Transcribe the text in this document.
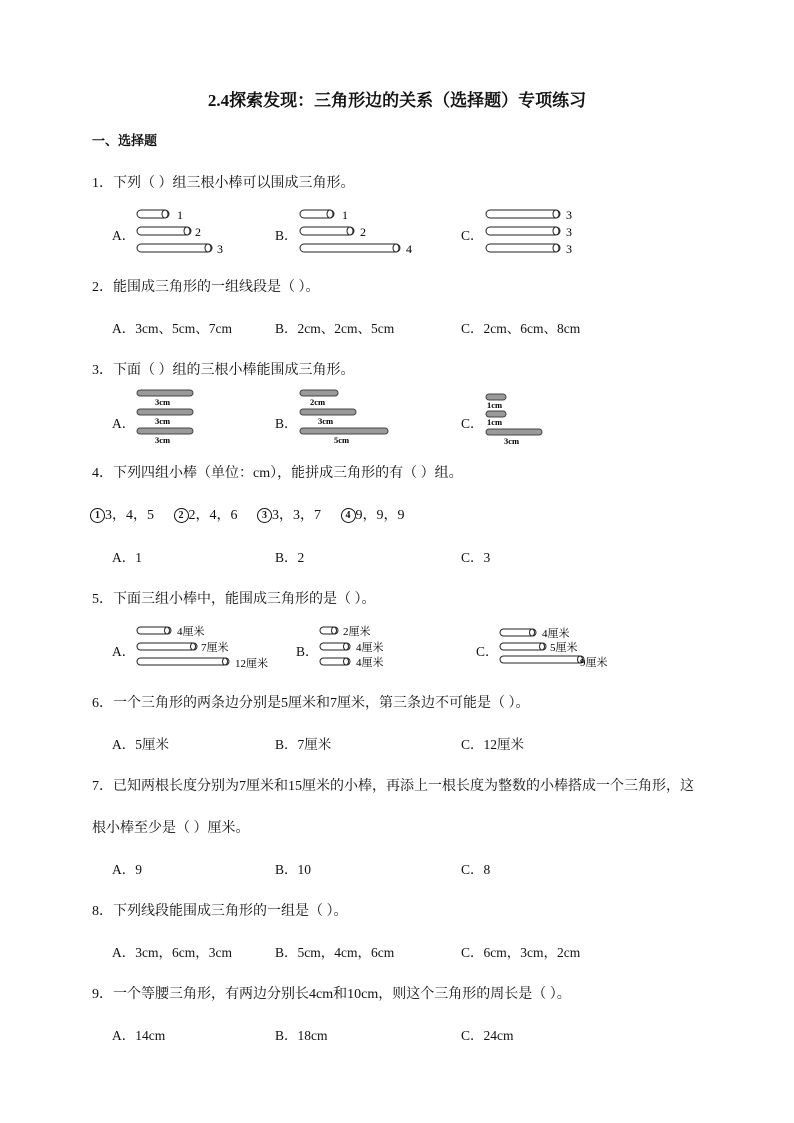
2.4探索发现：三角形边的关系（选择题）专项练习
一、选择题
1．下列（ ）组三根小棒可以围成三角形。
A．
1
2
3
B．
1
2
4
C．
3
3
3
2．能围成三角形的一组线段是（ ）。
A．3cm、5cm、7cm	B．2cm、2cm、5cm	C．2cm、6cm、8cm
3．下面（ ）组的三根小棒能围成三角形。
A．
3cm
3cm
3cm
B．
2cm
3cm
5cm
C．
1cm
1cm
3cm
4．下列四组小棒（单位：cm），能拼成三角形的有（ ）组。
1 3，4，5 2 2，4，6 3 3，3，7 4 9，9，9
A．1	B．2	C．3
5．下面三组小棒中，能围成三角形的是（ ）。
A．
4厘米
7厘米
12厘米
B．
2厘米
4厘米
4厘米
C．
4厘米
5厘米
9厘米
6．一个三角形的两条边分别是5厘米和7厘米，第三条边不可能是（ ）。
A．5厘米	B．7厘米	C．12厘米
7．已知两根长度分别为7厘米和15厘米的小棒，再添上一根长度为整数的小棒搭成一个三角形，这
根小棒至少是（ ）厘米。
A．9	B．10	C．8
8．下列线段能围成三角形的一组是（ ）。
A．3cm，6cm，3cm	B．5cm，4cm，6cm	C．6cm，3cm，2cm
9．一个等腰三角形，有两边分别长4cm和10cm，则这个三角形的周长是（ ）。
A．14cm	B．18cm	C．24cm
